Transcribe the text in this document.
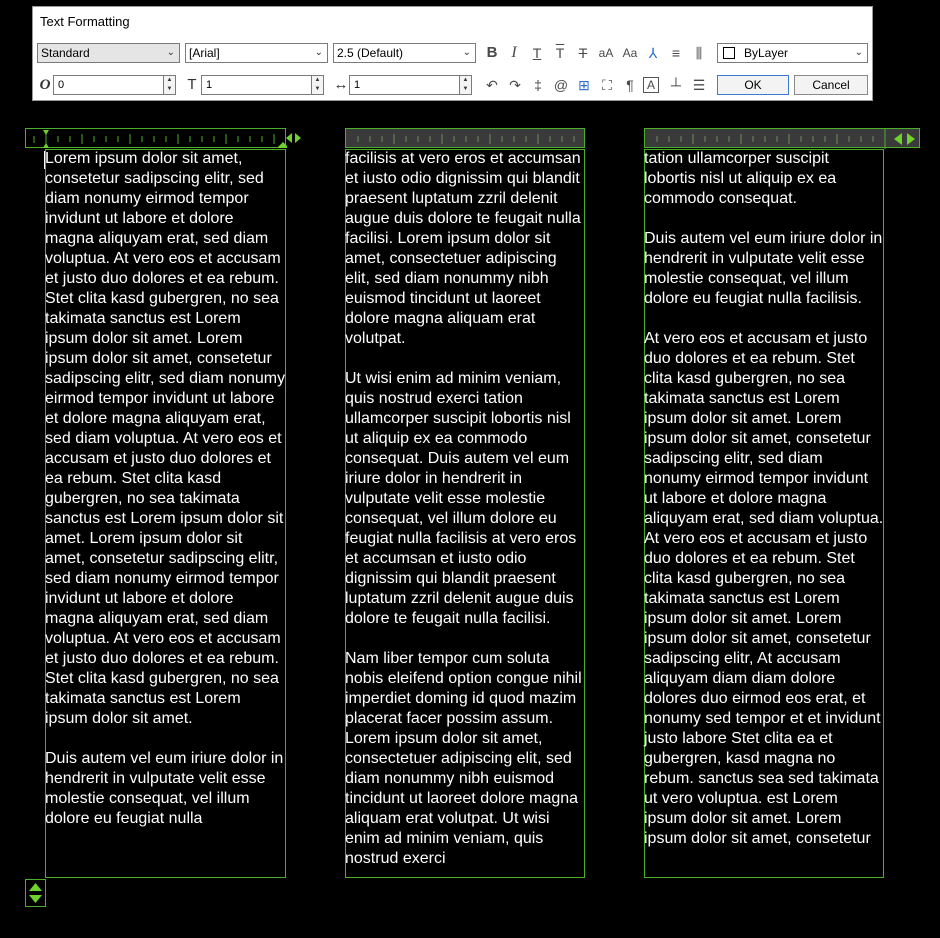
Text Formatting
Standard	⌄	[Arial]	⌄	2.5 (Default)	⌄	B I	T	$\overline{T}$	T aA Aa ⅄	≡	⫼	ByLayer	⌄
O 0	▲
▼ T 1	▲
▼ ↔ 1	▲
▼ ↶ ↷ ‡ @ ⊞ ⛶	¶	A	┴ ☰	OK	Cancel
Lorem ipsum dolor sit amet, consetetur sadipscing elitr, sed diam nonumy eirmod tempor invidunt ut labore et dolore magna aliquyam erat, sed diam voluptua. At vero eos et accusam et justo duo dolores et ea rebum. Stet clita kasd gubergren, no sea takimata sanctus est Lorem ipsum dolor sit amet. Lorem ipsum dolor sit amet, consetetur sadipscing elitr, sed diam nonumy eirmod tempor invidunt ut labore et dolore magna aliquyam erat, sed diam voluptua. At vero eos et accusam et justo duo dolores et ea rebum. Stet clita kasd gubergren, no sea takimata sanctus est Lorem ipsum dolor sit amet. Lorem ipsum dolor sit amet, consetetur sadipscing elitr, sed diam nonumy eirmod tempor invidunt ut labore et dolore magna aliquyam erat, sed diam voluptua. At vero eos et accusam et justo duo dolores et ea rebum. Stet clita kasd gubergren, no sea takimata sanctus est Lorem ipsum dolor sit amet.

Duis autem vel eum iriure dolor in hendrerit in vulputate velit esse molestie consequat, vel illum dolore eu feugiat nulla
facilisis at vero eros et accumsan et iusto odio dignissim qui blandit praesent luptatum zzril delenit augue duis dolore te feugait nulla facilisi. Lorem ipsum dolor sit amet, consectetuer adipiscing elit, sed diam nonummy nibh euismod tincidunt ut laoreet dolore magna aliquam erat volutpat.

Ut wisi enim ad minim veniam, quis nostrud exerci tation ullamcorper suscipit lobortis nisl ut aliquip ex ea commodo consequat. Duis autem vel eum iriure dolor in hendrerit in vulputate velit esse molestie consequat, vel illum dolore eu feugiat nulla facilisis at vero eros et accumsan et iusto odio dignissim qui blandit praesent luptatum zzril delenit augue duis dolore te feugait nulla facilisi.

Nam liber tempor cum soluta nobis eleifend option congue nihil imperdiet doming id quod mazim placerat facer possim assum. Lorem ipsum dolor sit amet, consectetuer adipiscing elit, sed diam nonummy nibh euismod tincidunt ut laoreet dolore magna aliquam erat volutpat. Ut wisi enim ad minim veniam, quis nostrud exerci
tation ullamcorper suscipit lobortis nisl ut aliquip ex ea commodo consequat.

Duis autem vel eum iriure dolor in hendrerit in vulputate velit esse molestie consequat, vel illum dolore eu feugiat nulla facilisis.

At vero eos et accusam et justo duo dolores et ea rebum. Stet clita kasd gubergren, no sea takimata sanctus est Lorem ipsum dolor sit amet. Lorem ipsum dolor sit amet, consetetur sadipscing elitr, sed diam nonumy eirmod tempor invidunt ut labore et dolore magna aliquyam erat, sed diam voluptua. At vero eos et accusam et justo duo dolores et ea rebum. Stet clita kasd gubergren, no sea takimata sanctus est Lorem ipsum dolor sit amet. Lorem ipsum dolor sit amet, consetetur sadipscing elitr, At accusam aliquyam diam diam dolore dolores duo eirmod eos erat, et nonumy sed tempor et et invidunt justo labore Stet clita ea et gubergren, kasd magna no rebum. sanctus sea sed takimata ut vero voluptua. est Lorem ipsum dolor sit amet. Lorem ipsum dolor sit amet, consetetur
